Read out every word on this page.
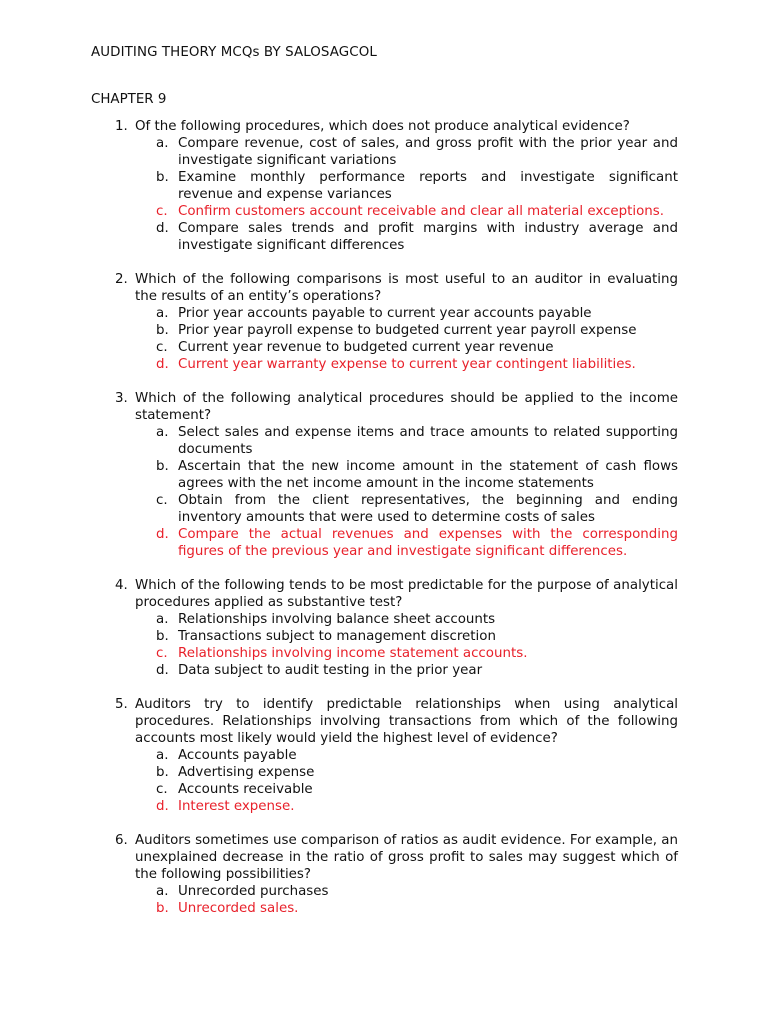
AUDITING THEORY MCQs BY SALOSAGCOL
CHAPTER 9
1. Of the following procedures, which does not produce analytical evidence?
a. Compare revenue, cost of sales, and gross profit with the prior year and investigate significant variations
b. Examine monthly performance reports and investigate significant revenue and expense variances
c. Confirm customers account receivable and clear all material exceptions.
d. Compare sales trends and profit margins with industry average and investigate significant differences
2. Which of the following comparisons is most useful to an auditor in evaluating the results of an entity’s operations?
a. Prior year accounts payable to current year accounts payable
b. Prior year payroll expense to budgeted current year payroll expense
c. Current year revenue to budgeted current year revenue
d. Current year warranty expense to current year contingent liabilities.
3. Which of the following analytical procedures should be applied to the income statement?
a. Select sales and expense items and trace amounts to related supporting documents
b. Ascertain that the new income amount in the statement of cash flows agrees with the net income amount in the income statements
c. Obtain from the client representatives, the beginning and ending inventory amounts that were used to determine costs of sales
d. Compare the actual revenues and expenses with the corresponding figures of the previous year and investigate significant differences.
4. Which of the following tends to be most predictable for the purpose of analytical procedures applied as substantive test?
a. Relationships involving balance sheet accounts
b. Transactions subject to management discretion
c. Relationships involving income statement accounts.
d. Data subject to audit testing in the prior year
5. Auditors try to identify predictable relationships when using analytical procedures. Relationships involving transactions from which of the following accounts most likely would yield the highest level of evidence?
a. Accounts payable
b. Advertising expense
c. Accounts receivable
d. Interest expense.
6. Auditors sometimes use comparison of ratios as audit evidence. For example, an unexplained decrease in the ratio of gross profit to sales may suggest which of the following possibilities?
a. Unrecorded purchases
b. Unrecorded sales.
